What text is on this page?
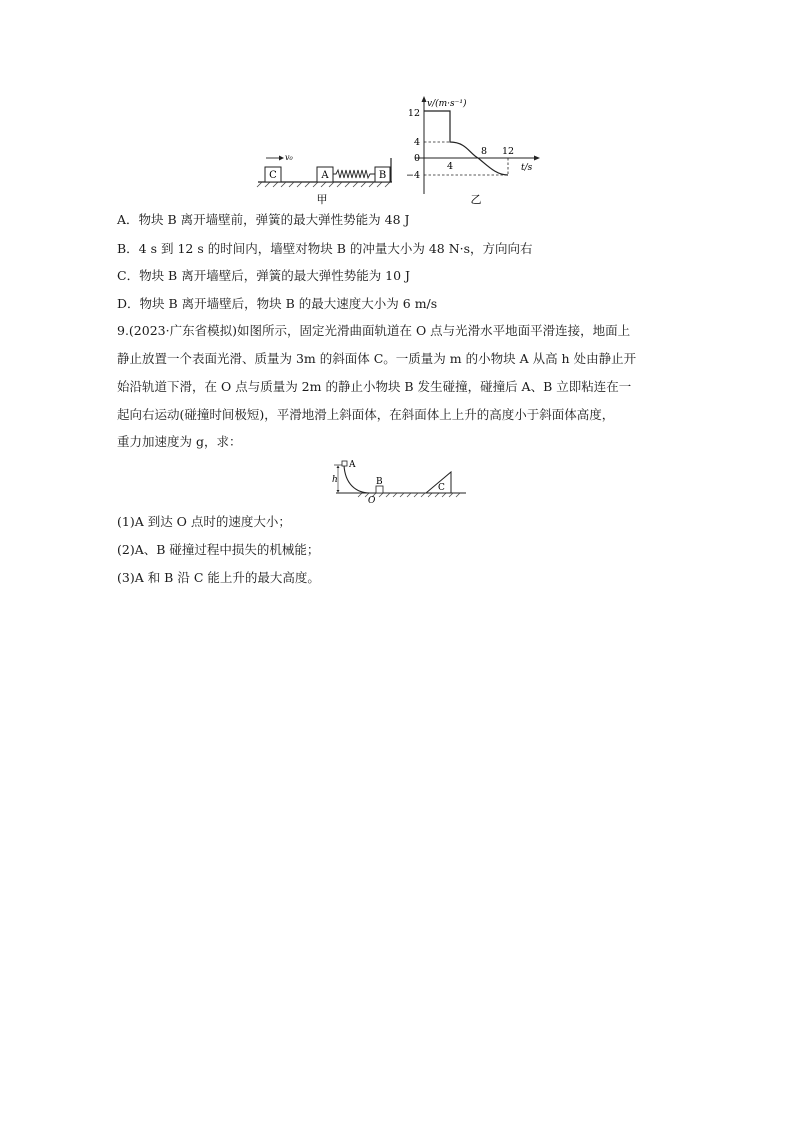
C
v₀
A	B
甲
v/(m·s⁻¹)
t/s
12
4
0
−4
4
8 12
乙
A．物块 B 离开墙壁前，弹簧的最大弹性势能为 48 J
B．4 s 到 12 s 的时间内，墙壁对物块 B 的冲量大小为 48 N·s，方向向右
C．物块 B 离开墙壁后，弹簧的最大弹性势能为 10 J
D．物块 B 离开墙壁后，物块 B 的最大速度大小为 6 m/s
9.(2023·广东省模拟)如图所示，固定光滑曲面轨道在 O 点与光滑水平地面平滑连接，地面上
静止放置一个表面光滑、质量为 3m 的斜面体 C。一质量为 m 的小物块 A 从高 h 处由静止开
始沿轨道下滑，在 O 点与质量为 2m 的静止小物块 B 发生碰撞，碰撞后 A、B 立即粘连在一
起向右运动(碰撞时间极短)，平滑地滑上斜面体，在斜面体上上升的高度小于斜面体高度，
重力加速度为 g，求：
h
A
B
O
C
(1)A 到达 O 点时的速度大小；
(2)A、B 碰撞过程中损失的机械能；
(3)A 和 B 沿 C 能上升的最大高度。
